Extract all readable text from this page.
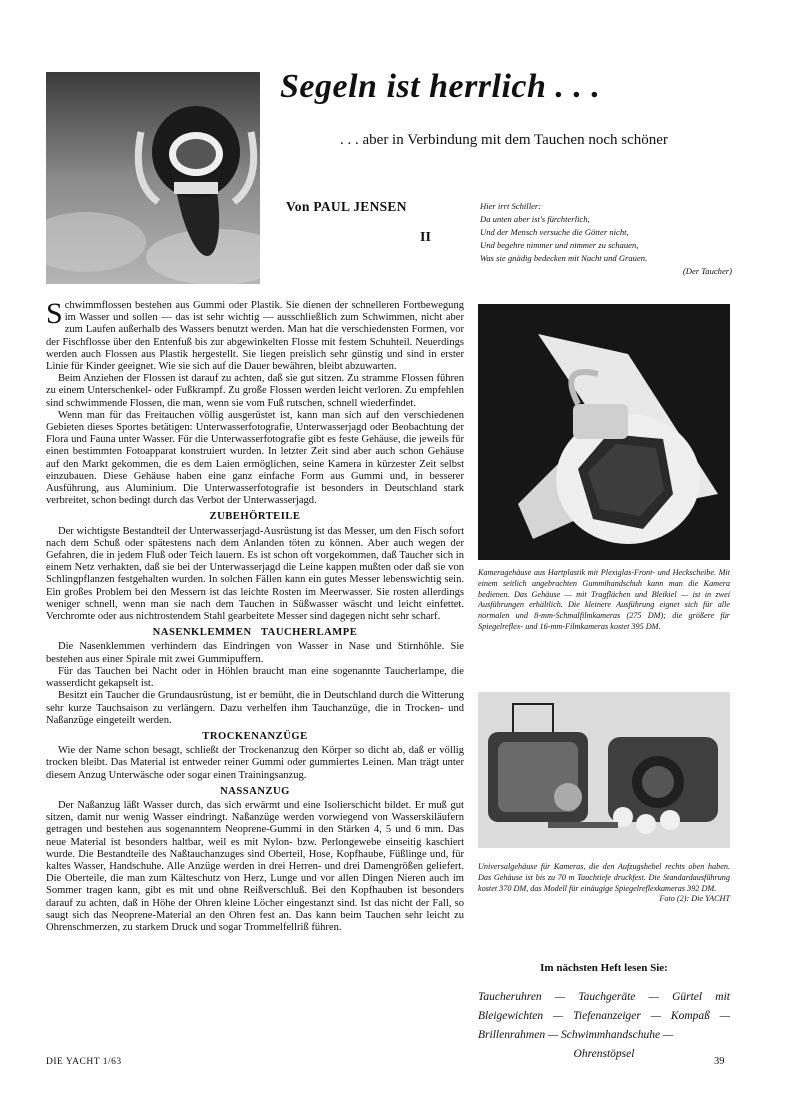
Segeln ist herrlich . . .
. . . aber in Verbindung mit dem Tauchen noch schöner
Von PAUL JENSEN
II
Hier irrt Schiller:
Da unten aber ist's fürchterlich,
Und der Mensch versuche die Götter nicht,
Und begehre nimmer und nimmer zu schauen,
Was sie gnädig bedecken mit Nacht und Grauen.
(Der Taucher)

Schwimmflossen bestehen aus Gummi oder Plastik. Sie dienen der schnelleren Fortbewegung im Wasser und sollen — das ist sehr wichtig — ausschließlich zum Schwimmen, nicht aber zum Laufen außerhalb des Wassers benutzt werden. Man hat die verschiedensten Formen, vor der Fischflosse über den Entenfuß bis zur abgewinkelten Flosse mit festem Schuhteil. Neuerdings werden auch Flossen aus Plastik hergestellt. Sie liegen preislich sehr günstig und sind in erster Linie für Kinder geeignet. Wie sie sich auf die Dauer bewähren, bleibt abzuwarten.

Beim Anziehen der Flossen ist darauf zu achten, daß sie gut sitzen. Zu stramme Flossen führen zu einem Unterschenkel- oder Fußkrampf. Zu große Flossen werden leicht verloren. Zu empfehlen sind schwimmende Flossen, die man, wenn sie vom Fuß rutschen, schnell wiederfindet.

Wenn man für das Freitauchen völlig ausgerüstet ist, kann man sich auf den verschiedenen Gebieten dieses Sportes betätigen: Unterwasserfotografie, Unterwasserjagd oder Beobachtung der Flora und Fauna unter Wasser. Für die Unterwasserfotografie gibt es feste Gehäuse, die jeweils für einen bestimmten Fotoapparat konstruiert wurden. In letzter Zeit sind aber auch schon Gehäuse auf den Markt gekommen, die es dem Laien ermöglichen, seine Kamera in kürzester Zeit selbst einzubauen. Diese Gehäuse haben eine ganz einfache Form aus Gummi und, in besserer Ausführung, aus Aluminium. Die Unterwasserfotografie ist besonders in Deutschland stark verbreitet, schon bedingt durch das Verbot der Unterwasserjagd.

ZUBEHÖRTEILE

Der wichtigste Bestandteil der Unterwasserjagd-Ausrüstung ist das Messer, um den Fisch sofort nach dem Schuß oder spätestens nach dem Anlanden töten zu können. Aber auch wegen der Gefahren, die in jedem Fluß oder Teich lauern. Es ist schon oft vorgekommen, daß Taucher sich in einem Netz verhakten, daß sie bei der Unterwasserjagd die Leine kappen mußten oder daß sie von Schlingpflanzen festgehalten wurden. In solchen Fällen kann ein gutes Messer lebenswichtig sein. Ein großes Problem bei den Messern ist das leichte Rosten im Meerwasser. Sie rosten allerdings weniger schnell, wenn man sie nach dem Tauchen in Süßwasser wäscht und leicht einfettet. Verchromte oder aus nichtrostendem Stahl gearbeitete Messer sind dagegen nicht sehr scharf.

NASENKLEMMEN   TAUCHERLAMPE

Die Nasenklemmen verhindern das Eindringen von Wasser in Nase und Stirnhöhle. Sie bestehen aus einer Spirale mit zwei Gummipuffern.

Für das Tauchen bei Nacht oder in Höhlen braucht man eine sogenannte Taucherlampe, die wasserdicht gekapselt ist.

Besitzt ein Taucher die Grundausrüstung, ist er bemüht, die in Deutschland durch die Witterung sehr kurze Tauchsaison zu verlängern. Dazu verhelfen ihm Tauchanzüge, die in Trocken- und Naßanzüge eingeteilt werden.

TROCKENANZÜGE

Wie der Name schon besagt, schließt der Trockenanzug den Körper so dicht ab, daß er völlig trocken bleibt. Das Material ist entweder reiner Gummi oder gummiertes Leinen. Man trägt unter diesem Anzug Unterwäsche oder sogar einen Trainingsanzug.

NASSANZUG

Der Naßanzug läßt Wasser durch, das sich erwärmt und eine Isolierschicht bildet. Er muß gut sitzen, damit nur wenig Wasser eindringt. Naßanzüge werden vorwiegend von Wasserskiläufern getragen und bestehen aus sogenanntem Neoprene-Gummi in den Stärken 4, 5 und 6 mm. Das neue Material ist besonders haltbar, weil es mit Nylon- bzw. Perlongewebe einseitig kaschiert wurde. Die Bestandteile des Naßtauchanzuges sind Oberteil, Hose, Kopfhaube, Füßlinge und, für kaltes Wasser, Handschuhe. Alle Anzüge werden in drei Herren- und drei Damengrößen geliefert. Die Oberteile, die man zum Kälteschutz von Herz, Lunge und vor allen Dingen Nieren auch im Sommer tragen kann, gibt es mit und ohne Reißverschluß. Bei den Kopfhauben ist besonders darauf zu achten, daß in Höhe der Ohren kleine Löcher eingestanzt sind. Ist das nicht der Fall, so saugt sich das Neoprene-Material an den Ohren fest an. Das kann beim Tauchen sehr leicht zu Ohrenschmerzen, zu starkem Druck und sogar Trommelfellriß führen.

Kameragehäuse aus Hartplastik mit Plexiglas-Front- und Heckscheibe. Mit einem seitlich angebrachten Gummihandschuh kann man die Kamera bedienen. Das Gehäuse — mit Tragflächen und Bleikiel — ist in zwei Ausführungen erhältlich. Die kleinere Ausführung eignet sich für alle normalen und 8-mm-Schmalfilmkameras (275 DM); die größere für Spiegelreflex- und 16-mm-Filmkameras kostet 395 DM.
Universalgehäuse für Kameras, die den Aufzugshebel rechts oben haben. Das Gehäuse ist bis zu 70 m Tauchtiefe druckfest. Die Standardausführung kostet 370 DM, das Modell für einäugige Spiegelreflexkameras 392 DM.
Foto (2): Die YACHT
Im nächsten Heft lesen Sie:
Taucheruhren — Tauchgeräte — Gürtel mit Bleigewichten — Tiefenanzeiger — Kompaß — Brillenrahmen — Schwimmhandschuhe —
Ohrenstöpsel
DIE YACHT 1/63	39
